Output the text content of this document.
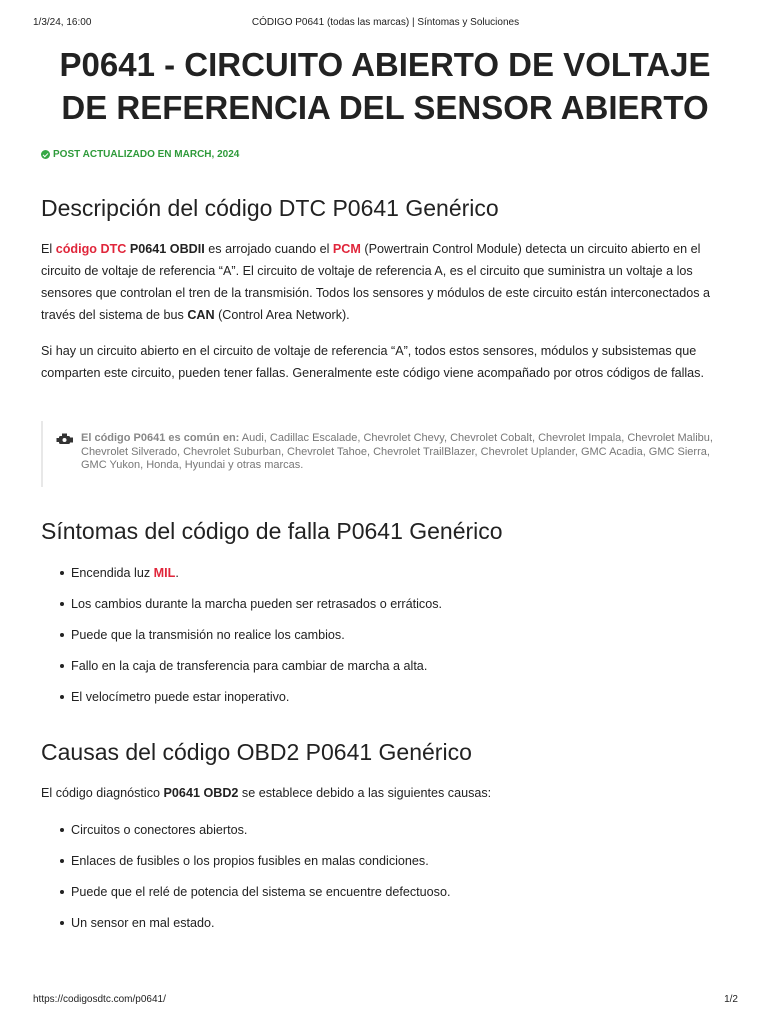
1/3/24, 16:00	CÓDIGO P0641 (todas las marcas) | Síntomas y Soluciones
P0641 - CIRCUITO ABIERTO DE VOLTAJE DE REFERENCIA DEL SENSOR ABIERTO
POST ACTUALIZADO EN MARCH, 2024
Descripción del código DTC P0641 Genérico

El código DTC P0641 OBDII es arrojado cuando el PCM (Powertrain Control Module) detecta un circuito abierto en el circuito de voltaje de referencia “A”. El circuito de voltaje de referencia A, es el circuito que suministra un voltaje a los sensores que controlan el tren de la transmisión. Todos los sensores y módulos de este circuito están interconectados a través del sistema de bus CAN (Control Area Network).

Si hay un circuito abierto en el circuito de voltaje de referencia “A”, todos estos sensores, módulos y subsistemas que comparten este circuito, pueden tener fallas. Generalmente este código viene acompañado por otros códigos de fallas.

El código P0641 es común en: Audi, Cadillac Escalade, Chevrolet Chevy, Chevrolet Cobalt, Chevrolet Impala, Chevrolet Malibu, Chevrolet Silverado, Chevrolet Suburban, Chevrolet Tahoe, Chevrolet TrailBlazer, Chevrolet Uplander, GMC Acadia, GMC Sierra, GMC Yukon, Honda, Hyundai y otras marcas.
Síntomas del código de falla P0641 Genérico
Encendida luz MIL.
Los cambios durante la marcha pueden ser retrasados o erráticos.
Puede que la transmisión no realice los cambios.
Fallo en la caja de transferencia para cambiar de marcha a alta.
El velocímetro puede estar inoperativo.
Causas del código OBD2 P0641 Genérico

El código diagnóstico P0641 OBD2 se establece debido a las siguientes causas:

Circuitos o conectores abiertos.
Enlaces de fusibles o los propios fusibles en malas condiciones.
Puede que el relé de potencia del sistema se encuentre defectuoso.
Un sensor en mal estado.
https://codigosdtc.com/p0641/	1/2
